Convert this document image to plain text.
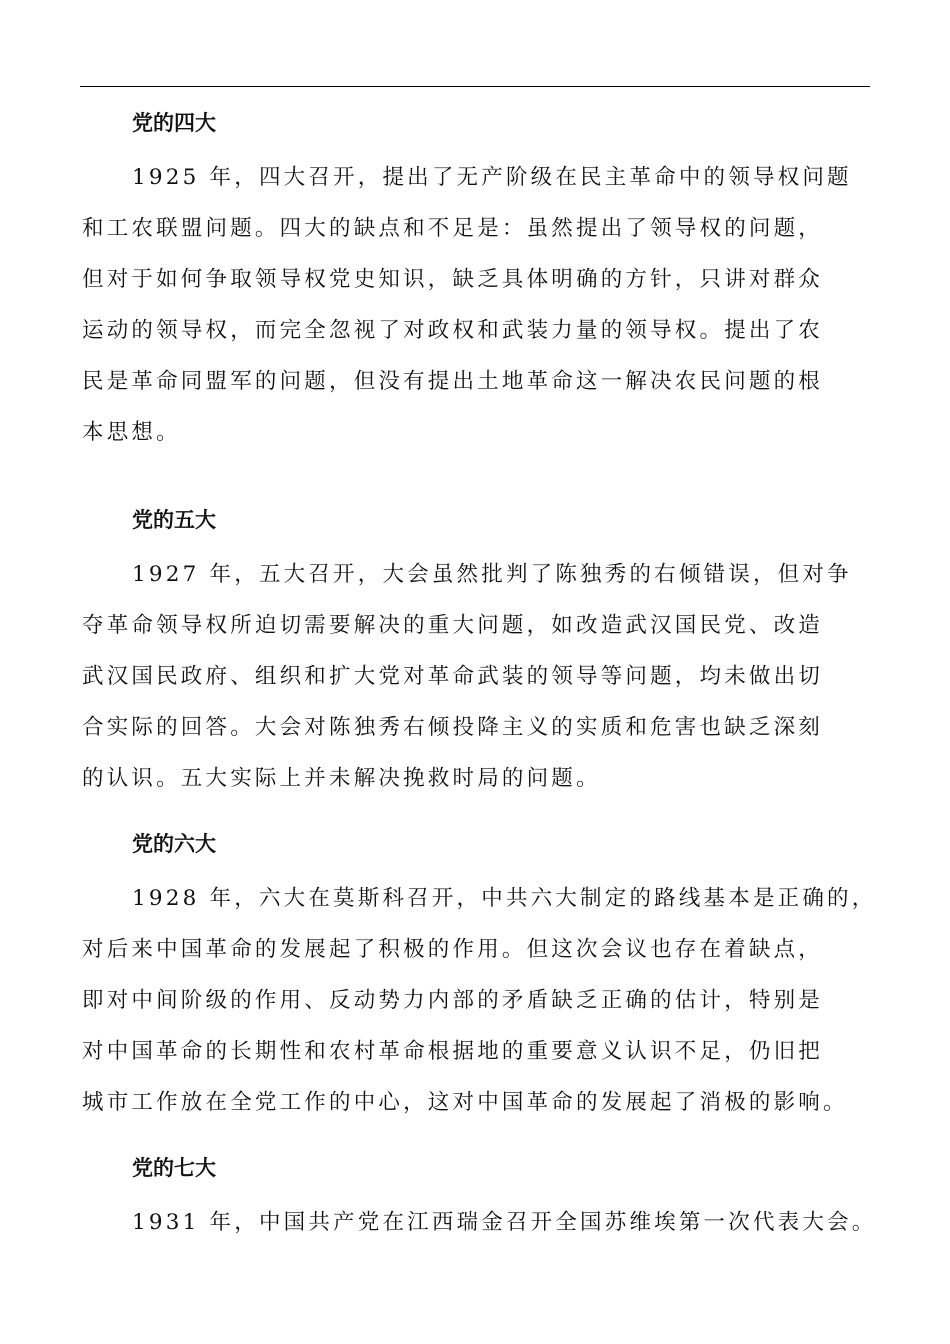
党的四大
1925 年，四大召开，提出了无产阶级在民主革命中的领导权问题
和工农联盟问题。四大的缺点和不足是：虽然提出了领导权的问题，
但对于如何争取领导权党史知识，缺乏具体明确的方针，只讲对群众
运动的领导权，而完全忽视了对政权和武装力量的领导权。提出了农
民是革命同盟军的问题，但没有提出土地革命这一解决农民问题的根
本思想。
党的五大
1927 年，五大召开，大会虽然批判了陈独秀的右倾错误，但对争
夺革命领导权所迫切需要解决的重大问题，如改造武汉国民党、改造
武汉国民政府、组织和扩大党对革命武装的领导等问题，均未做出切
合实际的回答。大会对陈独秀右倾投降主义的实质和危害也缺乏深刻
的认识。五大实际上并未解决挽救时局的问题。
党的六大
1928 年，六大在莫斯科召开，中共六大制定的路线基本是正确的，
对后来中国革命的发展起了积极的作用。但这次会议也存在着缺点，
即对中间阶级的作用、反动势力内部的矛盾缺乏正确的估计，特别是
对中国革命的长期性和农村革命根据地的重要意义认识不足，仍旧把
城市工作放在全党工作的中心，这对中国革命的发展起了消极的影响。
党的七大
1931 年，中国共产党在江西瑞金召开全国苏维埃第一次代表大会。
